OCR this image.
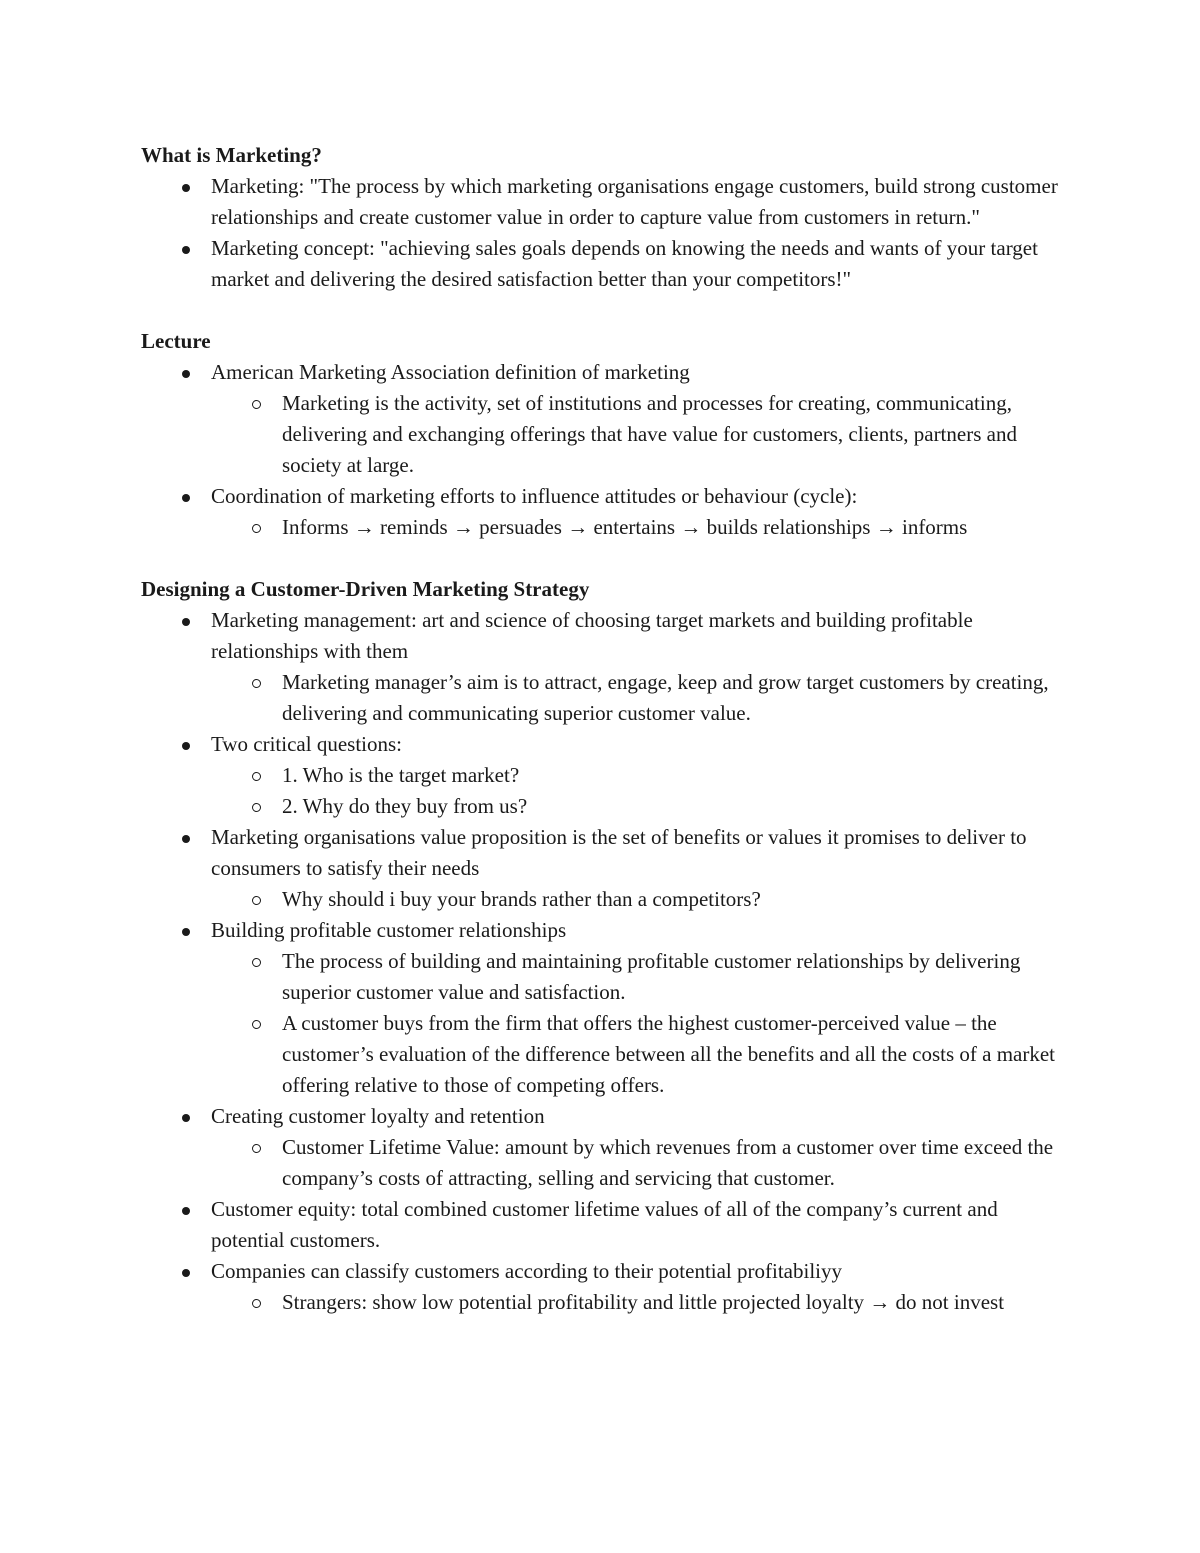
What is Marketing?

Marketing: "The process by which marketing organisations engage customers, build strong customer relationships and create customer value in order to capture value from customers in return."
Marketing concept: "achieving sales goals depends on knowing the needs and wants of your target market and delivering the desired satisfaction better than your competitors!"

Lecture

American Marketing Association definition of marketing
Marketing is the activity, set of institutions and processes for creating, communicating, delivering and exchanging offerings that have value for customers, clients, partners and society at large.
Coordination of marketing efforts to influence attitudes or behaviour (cycle):
Informs → reminds → persuades → entertains → builds relationships → informs

Designing a Customer-Driven Marketing Strategy

Marketing management: art and science of choosing target markets and building profitable relationships with them
Marketing manager’s aim is to attract, engage, keep and grow target customers by creating, delivering and communicating superior customer value.
Two critical questions:
1. Who is the target market?
2. Why do they buy from us?
Marketing organisations value proposition is the set of benefits or values it promises to deliver to consumers to satisfy their needs
Why should i buy your brands rather than a competitors?
Building profitable customer relationships
The process of building and maintaining profitable customer relationships by delivering superior customer value and satisfaction.
A customer buys from the firm that offers the highest customer-perceived value – the customer’s evaluation of the difference between all the benefits and all the costs of a market offering relative to those of competing offers.
Creating customer loyalty and retention
Customer Lifetime Value: amount by which revenues from a customer over time exceed the company’s costs of attracting, selling and servicing that customer.
Customer equity: total combined customer lifetime values of all of the company’s current and potential customers.
Companies can classify customers according to their potential profitabiliyy
Strangers: show low potential profitability and little projected loyalty → do not invest
